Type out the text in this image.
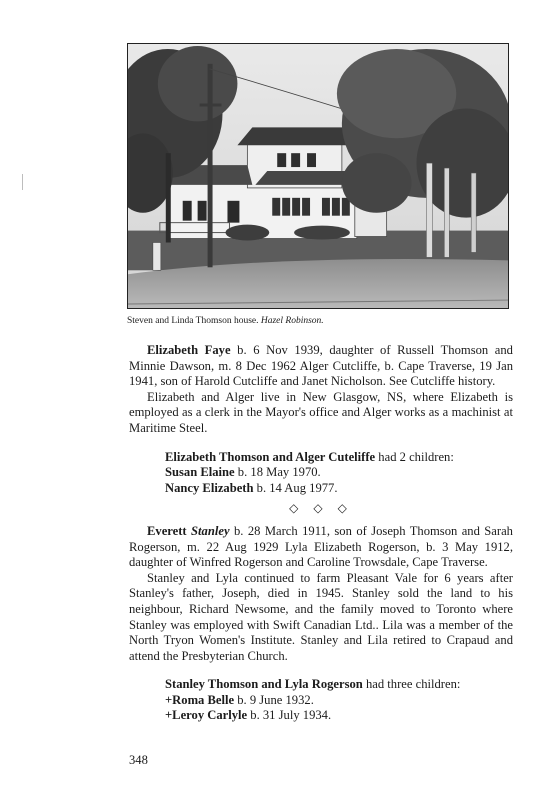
Steven and Linda Thomson house. Hazel Robinson.

Elizabeth Faye b. 6 Nov 1939, daughter of Russell Thomson and Minnie Dawson, m. 8 Dec 1962 Alger Cutcliffe, b. Cape Traverse, 19 Jan 1941, son of Harold Cutcliffe and Janet Nicholson. See Cutcliffe history.

Elizabeth and Alger live in New Glasgow, NS, where Elizabeth is employed as a clerk in the Mayor's office and Alger works as a machinist at Maritime Steel.

Elizabeth Thomson and Alger Cuteliffe had 2 children:

Susan Elaine b. 18 May 1970.

Nancy Elizabeth b. 14 Aug 1977.

◇ ◇ ◇

Everett Stanley b. 28 March 1911, son of Joseph Thomson and Sarah Rogerson, m. 22 Aug 1929 Lyla Elizabeth Rogerson, b. 3 May 1912, daughter of Winfred Rogerson and Caroline Trowsdale, Cape Traverse.

Stanley and Lyla continued to farm Pleasant Vale for 6 years after Stanley's father, Joseph, died in 1945. Stanley sold the land to his neighbour, Richard Newsome, and the family moved to Toronto where Stanley was employed with Swift Canadian Ltd.. Lila was a member of the North Tryon Women's Institute. Stanley and Lila retired to Crapaud and attend the Presbyterian Church.

Stanley Thomson and Lyla Rogerson had three children:

+Roma Belle b. 9 June 1932.

+Leroy Carlyle b. 31 July 1934.

348
